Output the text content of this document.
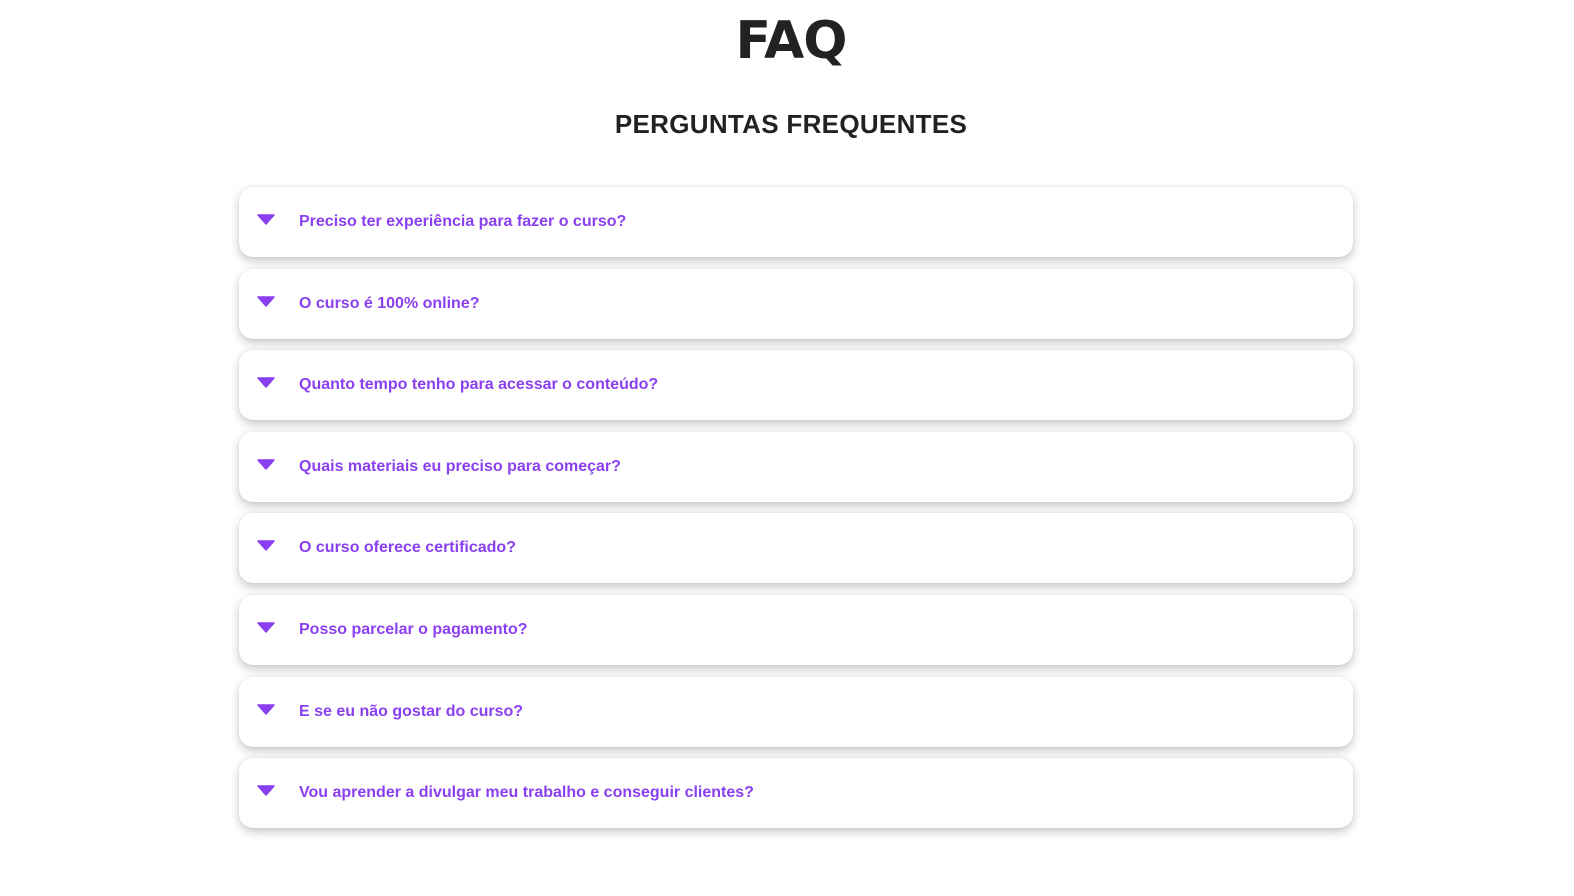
FAQ
PERGUNTAS FREQUENTES
Preciso ter experiência para fazer o curso?
O curso é 100% online?
Quanto tempo tenho para acessar o conteúdo?
Quais materiais eu preciso para começar?
O curso oferece certificado?
Posso parcelar o pagamento?
E se eu não gostar do curso?
Vou aprender a divulgar meu trabalho e conseguir clientes?
